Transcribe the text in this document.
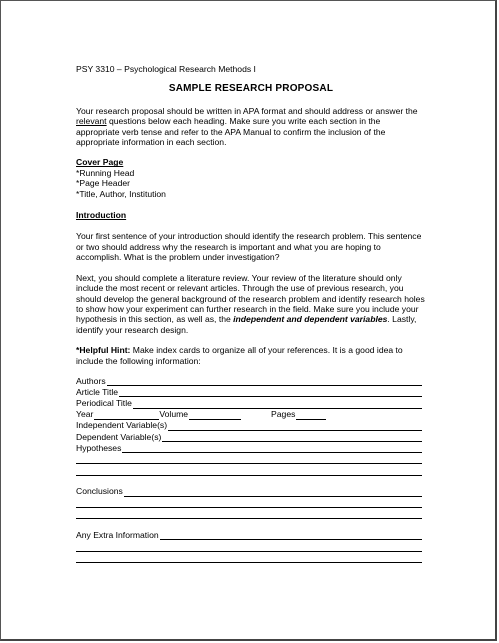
PSY 3310 – Psychological Research Methods I
SAMPLE RESEARCH PROPOSAL

Your research proposal should be written in APA format and should address or answer the relevant questions below each heading. Make sure you write each section in the appropriate verb tense and refer to the APA Manual to confirm the inclusion of the appropriate information in each section.

Cover Page
*Running Head
*Page Header
*Title, Author, Institution
Introduction

Your first sentence of your introduction should identify the research problem. This sentence or two should address why the research is important and what you are hoping to accomplish. What is the problem under investigation?

Next, you should complete a literature review. Your review of the literature should only include the most recent or relevant articles. Through the use of previous research, you should develop the general background of the research problem and identify research holes to show how your experiment can further research in the field. Make sure you include your hypothesis in this section, as well as, the independent and dependent variables. Lastly, identify your research design.

*Helpful Hint: Make index cards to organize all of your references. It is a good idea to include the following information:

Authors
Article Title
Periodical Title
Year	Volume	Pages
Independent Variable(s)
Dependent Variable(s)
Hypotheses
Conclusions
Any Extra Information
